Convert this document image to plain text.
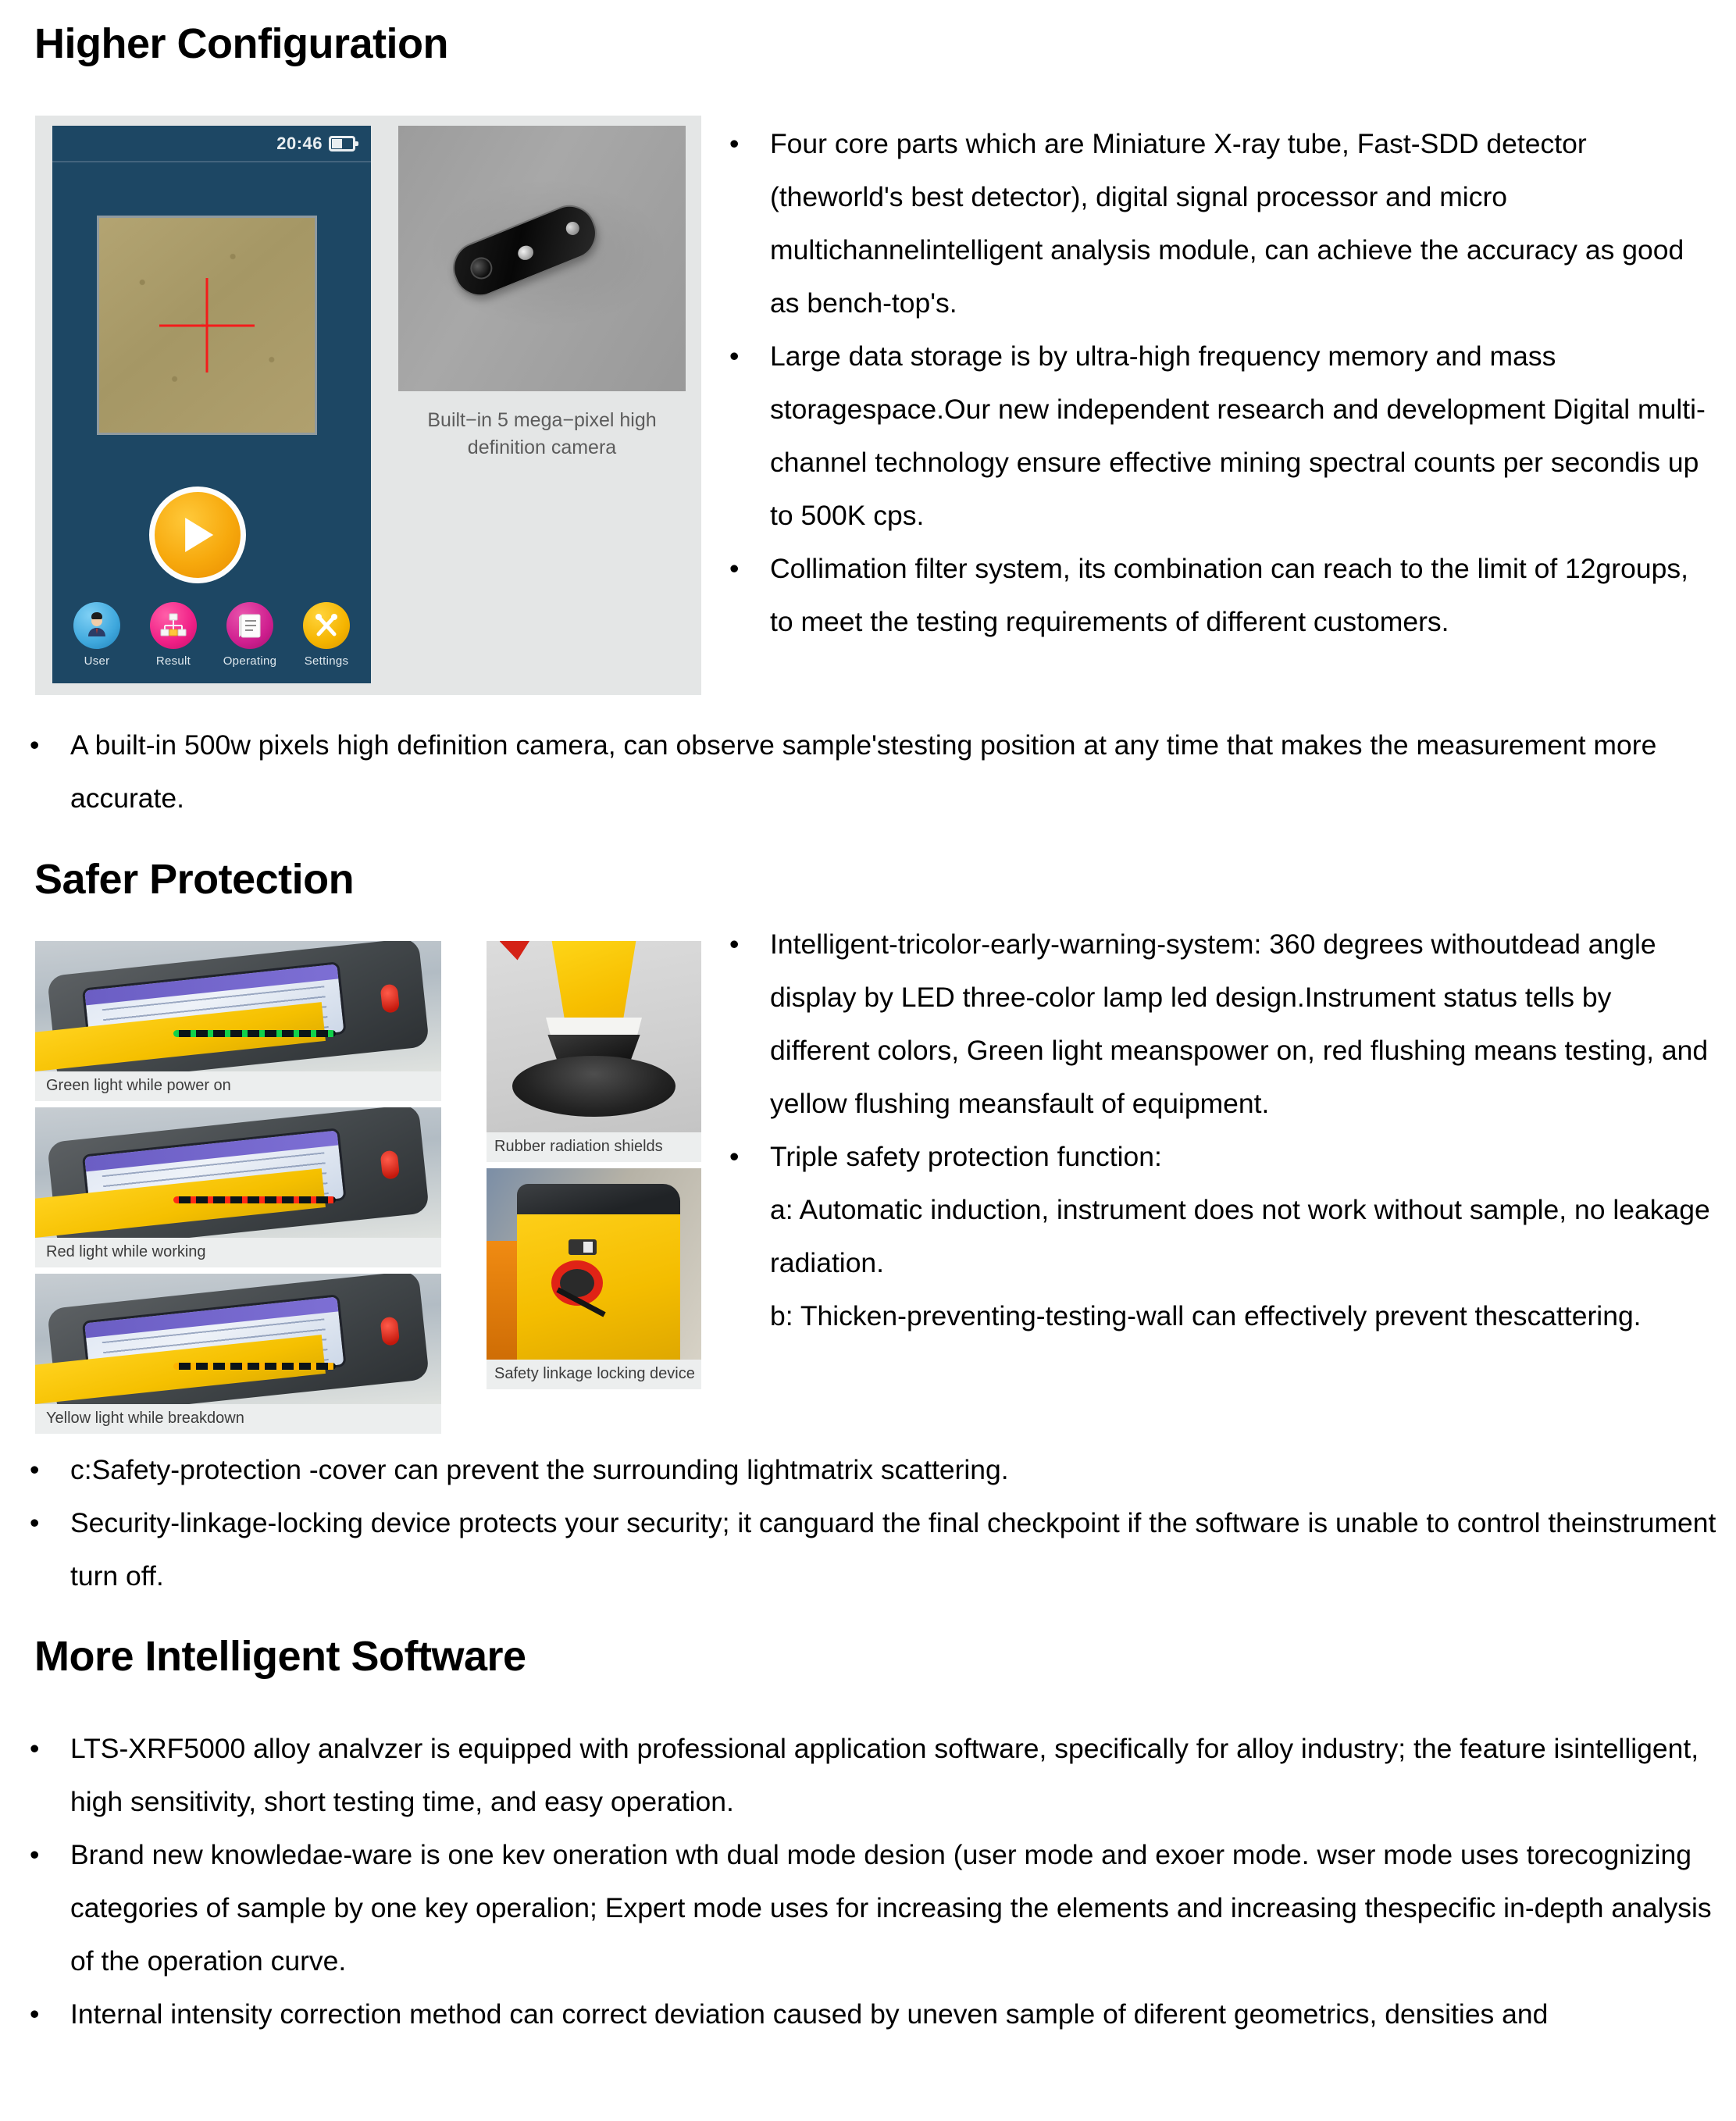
Higher Configuration
20:46
User	Result	Operating	Settings
Built−in 5 mega−pixel high definition camera
• Four core parts which are Miniature X-ray tube, Fast-SDD detector (theworld's best detector), digital signal processor and micro multichannelintelligent analysis module, can achieve the accuracy as good as bench-top's.
• Large data storage is by ultra-high frequency memory and mass storagespace.Our new independent research and development Digital multi-channel technology ensure effective mining spectral counts per secondis up to 500K cps.
• Collimation filter system, its combination can reach to the limit of 12groups, to meet the testing requirements of different customers.
• A built-in 500w pixels high definition camera, can observe sample'stesting position at any time that makes the measurement more accurate.
Safer Protection
Green light while power on
Red light while working
Yellow light while breakdown
Rubber radiation shields
Safety linkage locking device
• Intelligent-tricolor-early-warning-system: 360 degrees withoutdead angle display by LED three-color lamp led design.Instrument status tells by different colors, Green light meanspower on, red flushing means testing, and yellow flushing meansfault of equipment.
• Triple safety protection function:
a: Automatic induction, instrument does not work without sample, no leakage radiation.
b: Thicken-preventing-testing-wall can effectively prevent thescattering.
• c:Safety-protection -cover can prevent the surrounding lightmatrix scattering.
• Security-linkage-locking device protects your security; it canguard the final checkpoint if the software is unable to control theinstrument turn off.
More Intelligent Software
• LTS-XRF5000 alloy analvzer is equipped with professional application software, specifically for alloy industry; the feature isintelligent, high sensitivity, short testing time, and easy operation.
• Brand new knowledae-ware is one kev oneration wth dual mode desion (user mode and exoer mode. wser mode uses torecognizing categories of sample by one key operalion; Expert mode uses for increasing the elements and increasing thespecific in-depth analysis of the operation curve.
• Internal intensity correction method can correct deviation caused by uneven sample of diferent geometrics, densities and
